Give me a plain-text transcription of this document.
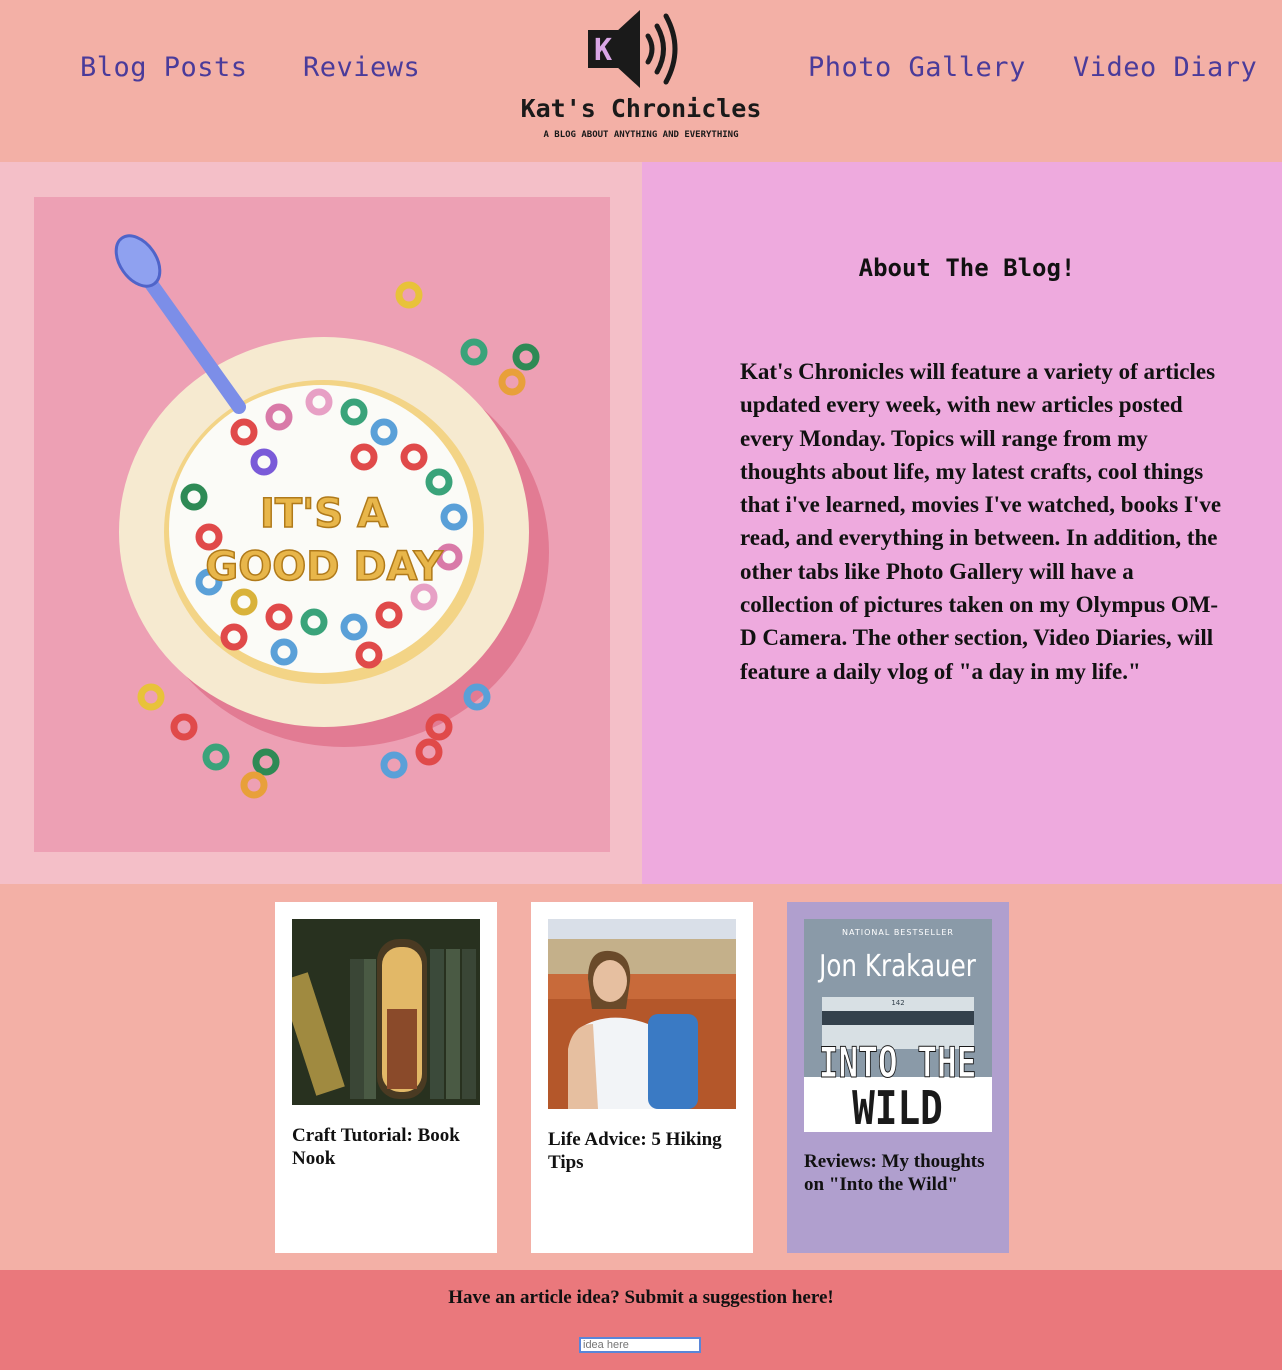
Blog Posts Reviews	Photo Gallery Video Diary
K
Kat's Chronicles
A BLOG ABOUT ANYTHING AND EVERYTHING
IT'S A
GOOD DAY
About The Blog!
Kat's Chronicles will feature a variety of articles updated every week, with new articles posted every Monday. Topics will range from my thoughts about life, my latest crafts, cool things that i've learned, movies I've watched, books I've read, and everything in between. In addition, the other tabs like Photo Gallery will have a collection of pictures taken on my Olympus OM-D Camera. The other section, Video Diaries, will feature a daily vlog of "a day in my life."
Craft Tutorial: Book Nook
Life Advice: 5 Hiking Tips
NATIONAL BESTSELLER
Jon Krakauer
142
INTO THE
WILD
Reviews: My thoughts on "Into the Wild"
Have an article idea? Submit a suggestion here!
idea here
